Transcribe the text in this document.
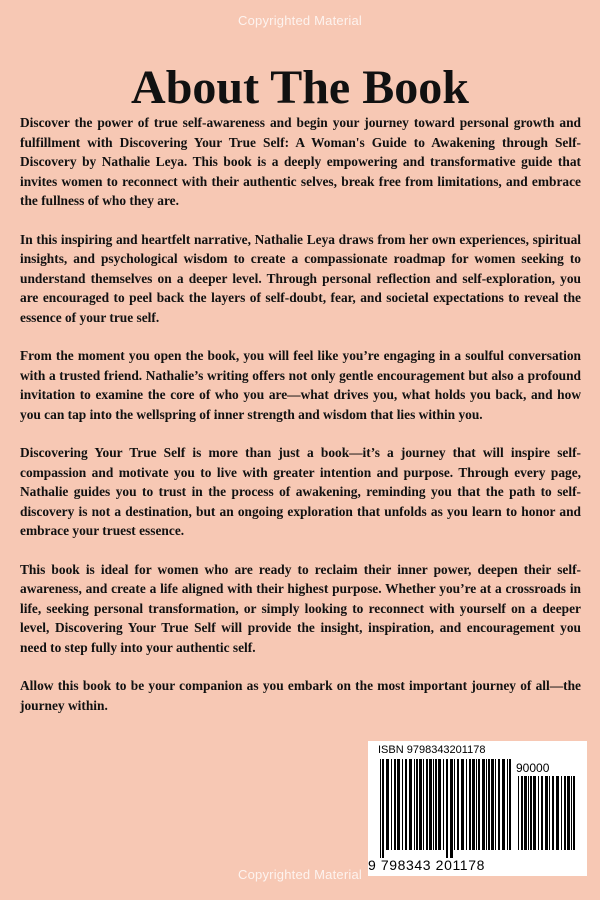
Copyrighted Material
About The Book

Discover the power of true self-awareness and begin your journey toward personal growth and fulfillment with Discovering Your True Self: A Woman's Guide to Awakening through Self-Discovery by Nathalie Leya. This book is a deeply empowering and transformative guide that invites women to reconnect with their authentic selves, break free from limitations, and embrace the fullness of who they are.

In this inspiring and heartfelt narrative, Nathalie Leya draws from her own experiences, spiritual insights, and psychological wisdom to create a compassionate roadmap for women seeking to understand themselves on a deeper level. Through personal reflection and self-exploration, you are encouraged to peel back the layers of self-doubt, fear, and societal expectations to reveal the essence of your true self.

From the moment you open the book, you will feel like you’re engaging in a soulful conversation with a trusted friend. Nathalie’s writing offers not only gentle encouragement but also a profound invitation to examine the core of who you are—what drives you, what holds you back, and how you can tap into the wellspring of inner strength and wisdom that lies within you.

Discovering Your True Self is more than just a book—it’s a journey that will inspire self-compassion and motivate you to live with greater intention and purpose. Through every page, Nathalie guides you to trust in the process of awakening, reminding you that the path to self-discovery is not a destination, but an ongoing exploration that unfolds as you learn to honor and embrace your truest essence.

This book is ideal for women who are ready to reclaim their inner power, deepen their self-awareness, and create a life aligned with their highest purpose. Whether you’re at a crossroads in life, seeking personal transformation, or simply looking to reconnect with yourself on a deeper level, Discovering Your True Self will provide the insight, inspiration, and encouragement you need to step fully into your authentic self.

Allow this book to be your companion as you embark on the most important journey of all—the journey within.

ISBN 9798343201178
90000
9 798343 201178
Copyrighted Material
